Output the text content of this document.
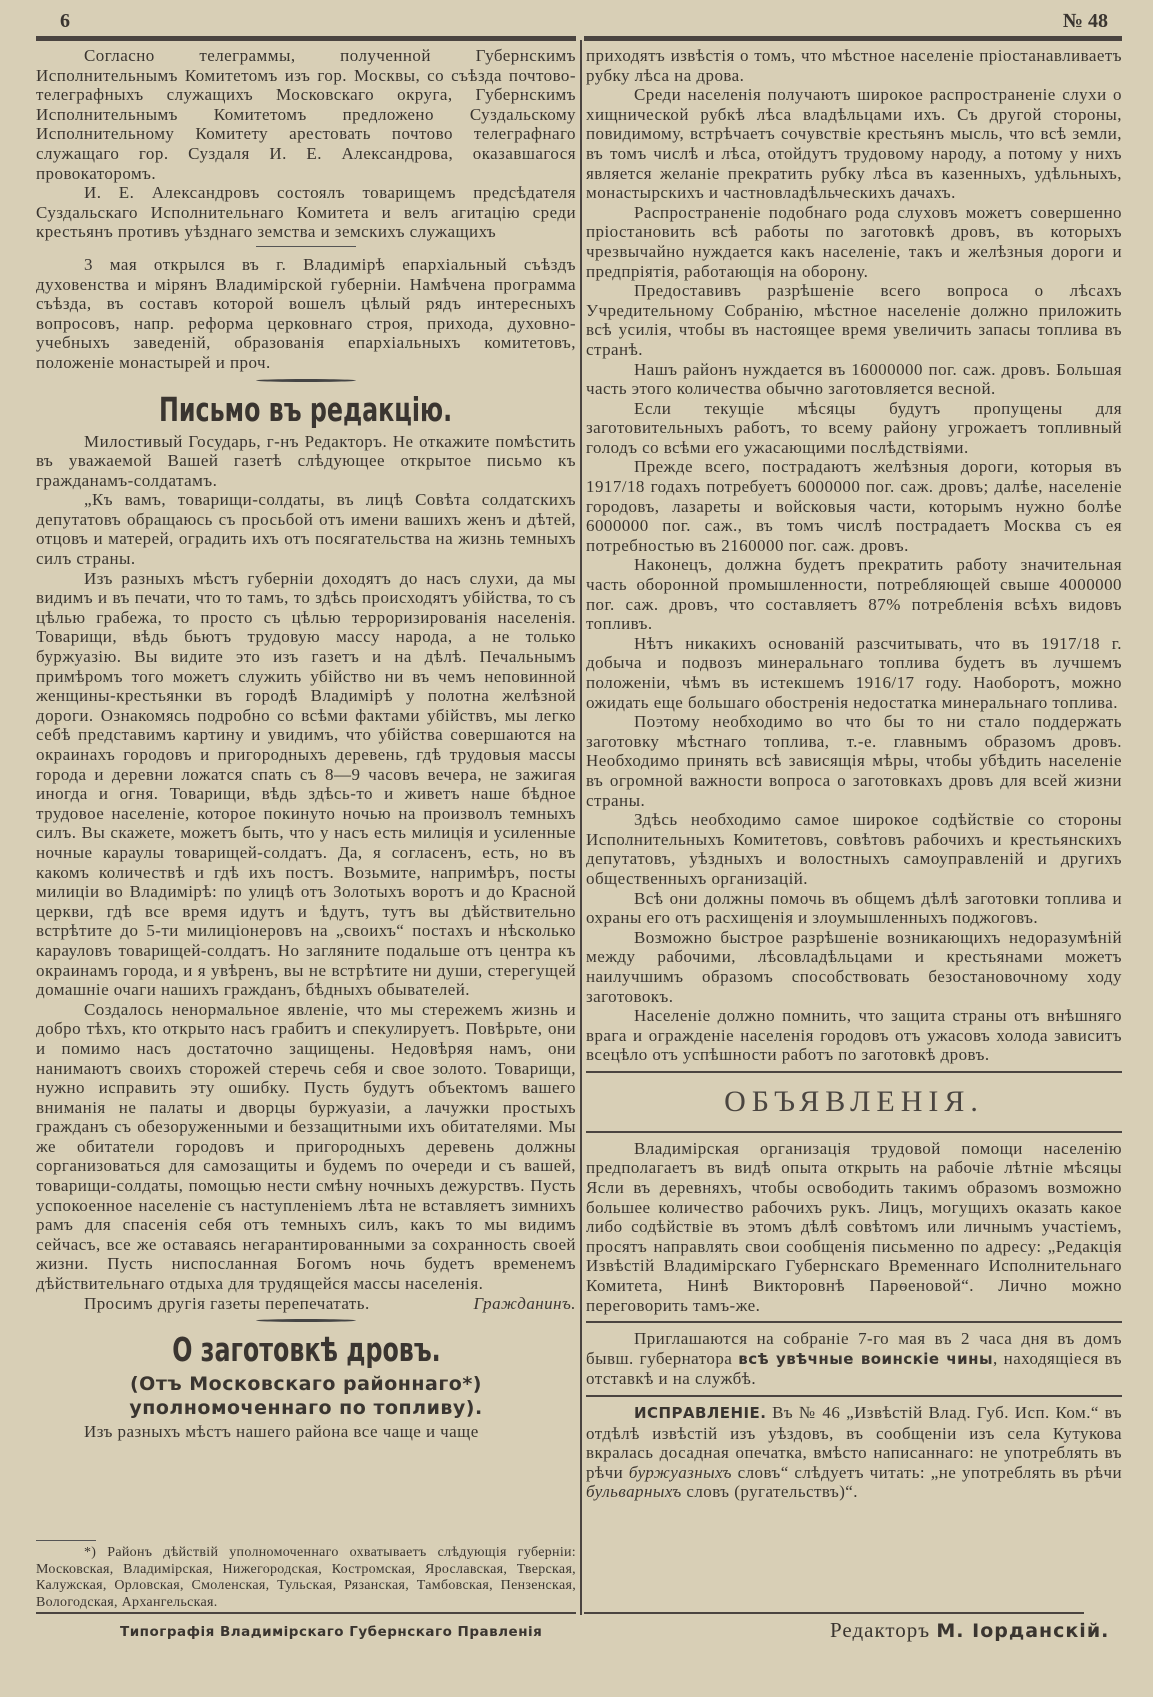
6	№ 48

Согласно телеграммы, полученной Губернскимъ Исполнительнымъ Комитетомъ изъ гор. Москвы, со съѣзда почтово-телеграфныхъ служащихъ Московскаго округа, Губернскимъ Исполнительнымъ Комитетомъ предложено Суздальскому Исполнительному Комитету арестовать почтово телеграфнаго служащаго гор. Суздаля И. Е. Александрова, оказавшагося провокаторомъ.

И. Е. Александровъ состоялъ товарищемъ предсѣдателя Суздальскаго Исполнительнаго Комитета и велъ агитацію среди крестьянъ противъ уѣзднаго земства и земскихъ служащихъ

3 мая открылся въ г. Владимірѣ епархіальный съѣздъ духовенства и мірянъ Владимірской губерніи. Намѣчена программа съѣзда, въ составъ которой вошелъ цѣлый рядъ интересныхъ вопросовъ, напр. реформа церковнаго строя, прихода, духовно-учебныхъ заведеній, образованія епархіальныхъ комитетовъ, положеніе монастырей и проч.

Письмо въ редакцію.

Милостивый Государь, г-нъ Редакторъ. Не откажите помѣстить въ уважаемой Вашей газетѣ слѣдующее открытое письмо къ гражданамъ-солдатамъ.

„Къ вамъ, товарищи-солдаты, въ лицѣ Совѣта солдатскихъ депутатовъ обращаюсь съ просьбой отъ имени вашихъ женъ и дѣтей, отцовъ и матерей, оградить ихъ отъ посягательства на жизнь темныхъ силъ страны.

Изъ разныхъ мѣстъ губерніи доходятъ до насъ слухи, да мы видимъ и въ печати, что то тамъ, то здѣсь происходятъ убійства, то съ цѣлью грабежа, то просто съ цѣлью терроризированія населенія. Товарищи, вѣдь бьютъ трудовую массу народа, а не только буржуазію. Вы видите это изъ газетъ и на дѣлѣ. Печальнымъ примѣромъ того можетъ служить убійство ни въ чемъ неповинной женщины-крестьянки въ городѣ Владимірѣ у полотна желѣзной дороги. Ознакомясь подробно со всѣми фактами убійствъ, мы легко себѣ представимъ картину и увидимъ, что убійства совершаются на окраинахъ городовъ и пригородныхъ деревень, гдѣ трудовыя массы города и деревни ложатся спать съ 8—9 часовъ вечера, не зажигая иногда и огня. Товарищи, вѣдь здѣсь-то и живетъ наше бѣдное трудовое населеніе, которое покинуто ночью на произволъ темныхъ силъ. Вы скажете, можетъ быть, что у насъ есть милиція и усиленные ночные караулы товарищей-солдатъ. Да, я согласенъ, есть, но въ какомъ количествѣ и гдѣ ихъ постъ. Возьмите, напримѣръ, посты милиціи во Владимірѣ: по улицѣ отъ Золотыхъ воротъ и до Красной церкви, гдѣ все время идутъ и ѣдутъ, тутъ вы дѣйствительно встрѣтите до 5-ти милиціонеровъ на „своихъ“ постахъ и нѣсколько карауловъ товарищей-солдатъ. Но загляните подальше отъ центра къ окраинамъ города, и я увѣренъ, вы не встрѣтите ни души, стерегущей домашніе очаги нашихъ гражданъ, бѣдныхъ обывателей.

Создалось ненормальное явленіе, что мы стережемъ жизнь и добро тѣхъ, кто открыто насъ грабитъ и спекулируетъ. Повѣрьте, они и помимо насъ достаточно защищены. Недовѣряя намъ, они нанимаютъ своихъ сторожей стеречь себя и свое золото. Товарищи, нужно исправить эту ошибку. Пусть будутъ объектомъ вашего вниманія не палаты и дворцы буржуазіи, а лачужки простыхъ гражданъ съ обезоруженными и беззащитными ихъ обитателями. Мы же обитатели городовъ и пригородныхъ деревень должны сорганизоваться для самозащиты и будемъ по очереди и съ вашей, товарищи-солдаты, помощью нести смѣну ночныхъ дежурствъ. Пусть успокоенное населеніе съ наступленіемъ лѣта не вставляетъ зимнихъ рамъ для спасенія себя отъ темныхъ силъ, какъ то мы видимъ сейчасъ, все же оставаясь негарантированными за сохранность своей жизни. Пусть ниспосланная Богомъ ночь будетъ временемъ дѣйствительнаго отдыха для трудящейся массы населенія.

Просимъ другія газеты перепечатать.	Гражданинъ.

О заготовкѣ дровъ.
(Отъ Московскаго районнаго*) уполномоченнаго по топливу).

Изъ разныхъ мѣстъ нашего района все чаще и чаще

*) Районъ дѣйствій уполномоченнаго охватываетъ слѣдующія губерніи: Московская, Владимірская, Нижегородская, Костромская, Ярославская, Тверская, Калужская, Орловская, Смоленская, Тульская, Рязанская, Тамбовская, Пензенская, Вологодская, Архангельская.

приходятъ извѣстія о томъ, что мѣстное населеніе пріостанавливаетъ рубку лѣса на дрова.

Среди населенія получаютъ широкое распространеніе слухи о хищнической рубкѣ лѣса владѣльцами ихъ. Съ другой стороны, повидимому, встрѣчаетъ сочувствіе крестьянъ мысль, что всѣ земли, въ томъ числѣ и лѣса, отойдутъ трудовому народу, а потому у нихъ является желаніе прекратить рубку лѣса въ казенныхъ, удѣльныхъ, монастырскихъ и частновладѣльческихъ дачахъ.

Распространеніе подобнаго рода слуховъ можетъ совершенно пріостановить всѣ работы по заготовкѣ дровъ, въ которыхъ чрезвычайно нуждается какъ населеніе, такъ и желѣзныя дороги и предпріятія, работающія на оборону.

Предоставивъ разрѣшеніе всего вопроса о лѣсахъ Учредительному Собранію, мѣстное населеніе должно приложить всѣ усилія, чтобы въ настоящее время увеличить запасы топлива въ странѣ.

Нашъ районъ нуждается въ 16000000 пог. саж. дровъ. Большая часть этого количества обычно заготовляется весной.

Если текущіе мѣсяцы будутъ пропущены для заготовительныхъ работъ, то всему району угрожаетъ топливный голодъ со всѣми его ужасающими послѣдствіями.

Прежде всего, пострадаютъ желѣзныя дороги, которыя въ 1917/18 годахъ потребуетъ 6000000 пог. саж. дровъ; далѣе, населеніе городовъ, лазареты и войсковыя части, которымъ нужно болѣе 6000000 пог. саж., въ томъ числѣ пострадаетъ Москва съ ея потребностью въ 2160000 пог. саж. дровъ.

Наконецъ, должна будетъ прекратить работу значительная часть оборонной промышленности, потребляющей свыше 4000000 пог. саж. дровъ, что составляетъ 87% потребленія всѣхъ видовъ топливъ.

Нѣтъ никакихъ основаній разсчитывать, что въ 1917/18 г. добыча и подвозъ минеральнаго топлива будетъ въ лучшемъ положеніи, чѣмъ въ истекшемъ 1916/17 году. Наоборотъ, можно ожидать еще большаго обостренія недостатка минеральнаго топлива.

Поэтому необходимо во что бы то ни стало поддержать заготовку мѣстнаго топлива, т.-е. главнымъ образомъ дровъ. Необходимо принять всѣ зависящія мѣры, чтобы убѣдить населеніе въ огромной важности вопроса о заготовкахъ дровъ для всей жизни страны.

Здѣсь необходимо самое широкое содѣйствіе со стороны Исполнительныхъ Комитетовъ, совѣтовъ рабочихъ и крестьянскихъ депутатовъ, уѣздныхъ и волостныхъ самоуправленій и другихъ общественныхъ организацій.

Всѣ они должны помочь въ общемъ дѣлѣ заготовки топлива и охраны его отъ расхищенія и злоумышленныхъ поджоговъ.

Возможно быстрое разрѣшеніе возникающихъ недоразумѣній между рабочими, лѣсовладѣльцами и крестьянами можетъ наилучшимъ образомъ способствовать безостановочному ходу заготовокъ.

Населеніе должно помнить, что защита страны отъ внѣшняго врага и огражденіе населенія городовъ отъ ужасовъ холода зависитъ всецѣло отъ успѣшности работъ по заготовкѣ дровъ.

ОБЪЯВЛЕНІЯ.

Владимірская организація трудовой помощи населенію предполагаетъ въ видѣ опыта открыть на рабочіе лѣтніе мѣсяцы Ясли въ деревняхъ, чтобы освободить такимъ образомъ возможно большее количество рабочихъ рукъ. Лицъ, могущихъ оказать какое либо содѣйствіе въ этомъ дѣлѣ совѣтомъ или личнымъ участіемъ, просятъ направлять свои сообщенія письменно по адресу: „Редакція Извѣстій Владимірскаго Губернскаго Временнаго Исполнительнаго Комитета, Нинѣ Викторовнѣ Парѳеновой“. Лично можно переговорить тамъ-же.

Приглашаются на собраніе 7-го мая въ 2 часа дня въ домъ бывш. губернатора всѣ увѣчные воинскіе чины, находящіеся въ отставкѣ и на службѣ.

ИСПРАВЛЕНІЕ. Въ № 46 „Извѣстій Влад. Губ. Исп. Ком.“ въ отдѣлѣ извѣстій изъ уѣздовъ, въ сообщеніи изъ села Кутукова вкралась досадная опечатка, вмѣсто написаннаго: не употреблять въ рѣчи буржуазныхъ словъ“ слѣдуетъ читать: „не употреблять въ рѣчи бульварныхъ словъ (ругательствъ)“.

Типографія Владимірскаго Губернскаго Правленія	Редакторъ М. Іорданскій.
